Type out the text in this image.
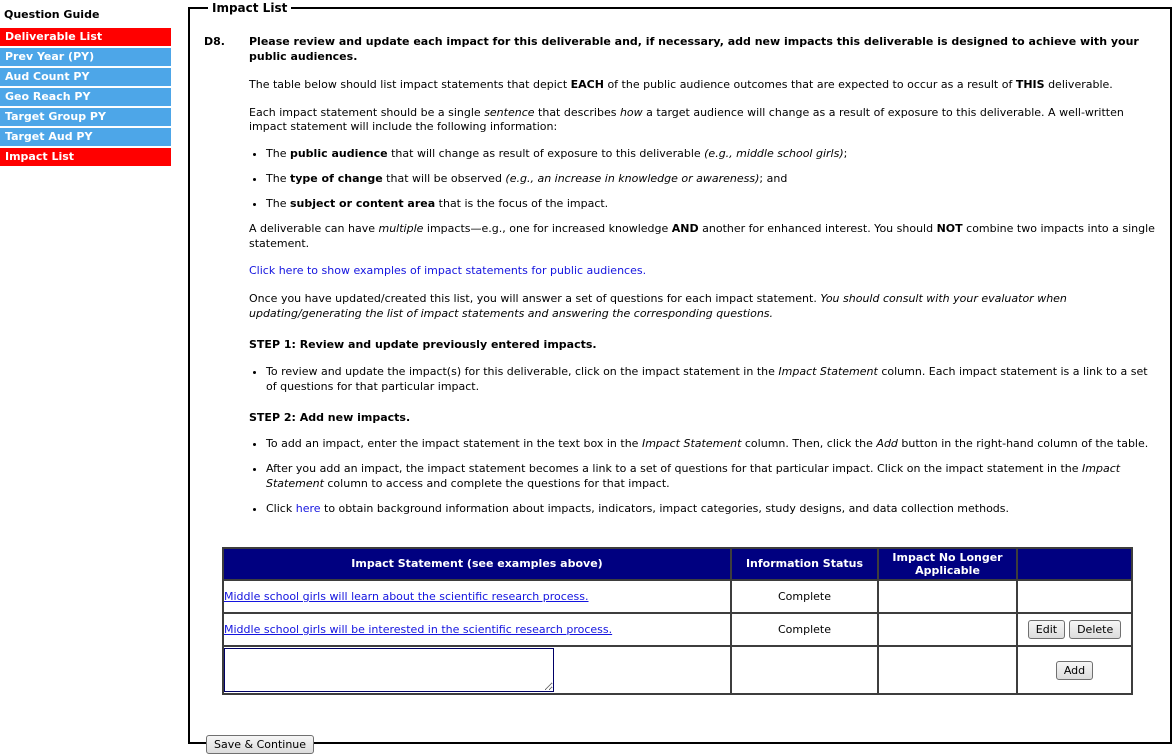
Question Guide
Deliverable List
Prev Year (PY)
Aud Count PY
Geo Reach PY
Target Group PY
Target Aud PY
Impact List
Impact List
D8.	Please review and update each impact for this deliverable and, if necessary, add new impacts this deliverable is designed to achieve with your public audiences.

The table below should list impact statements that depict EACH of the public audience outcomes that are expected to occur as a result of THIS deliverable.

Each impact statement should be a single sentence that describes how a target audience will change as a result of exposure to this deliverable. A well-written impact statement will include the following information:

• The public audience that will change as result of exposure to this deliverable (e.g., middle school girls);
• The type of change that will be observed (e.g., an increase in knowledge or awareness); and
• The subject or content area that is the focus of the impact.

A deliverable can have multiple impacts—e.g., one for increased knowledge AND another for enhanced interest. You should NOT combine two impacts into a single statement.

Click here to show examples of impact statements for public audiences.

Once you have updated/created this list, you will answer a set of questions for each impact statement. You should consult with your evaluator when updating/generating the list of impact statements and answering the corresponding questions.

STEP 1: Review and update previously entered impacts.

• To review and update the impact(s) for this deliverable, click on the impact statement in the Impact Statement column. Each impact statement is a link to a set of questions for that particular impact.

STEP 2: Add new impacts.

• To add an impact, enter the impact statement in the text box in the Impact Statement column. Then, click the Add button in the right-hand column of the table.
• After you add an impact, the impact statement becomes a link to a set of questions for that particular impact. Click on the impact statement in the Impact Statement column to access and complete the questions for that impact.
• Click here to obtain background information about impacts, indicators, impact categories, study designs, and data collection methods.
Impact Statement (see examples above)	Information Status	Impact No Longer Applicable	
Middle school girls will learn about the scientific research process.	Complete		
Middle school girls will be interested in the scientific research process.	Complete		Edit Delete

			Add
Save & Continue
